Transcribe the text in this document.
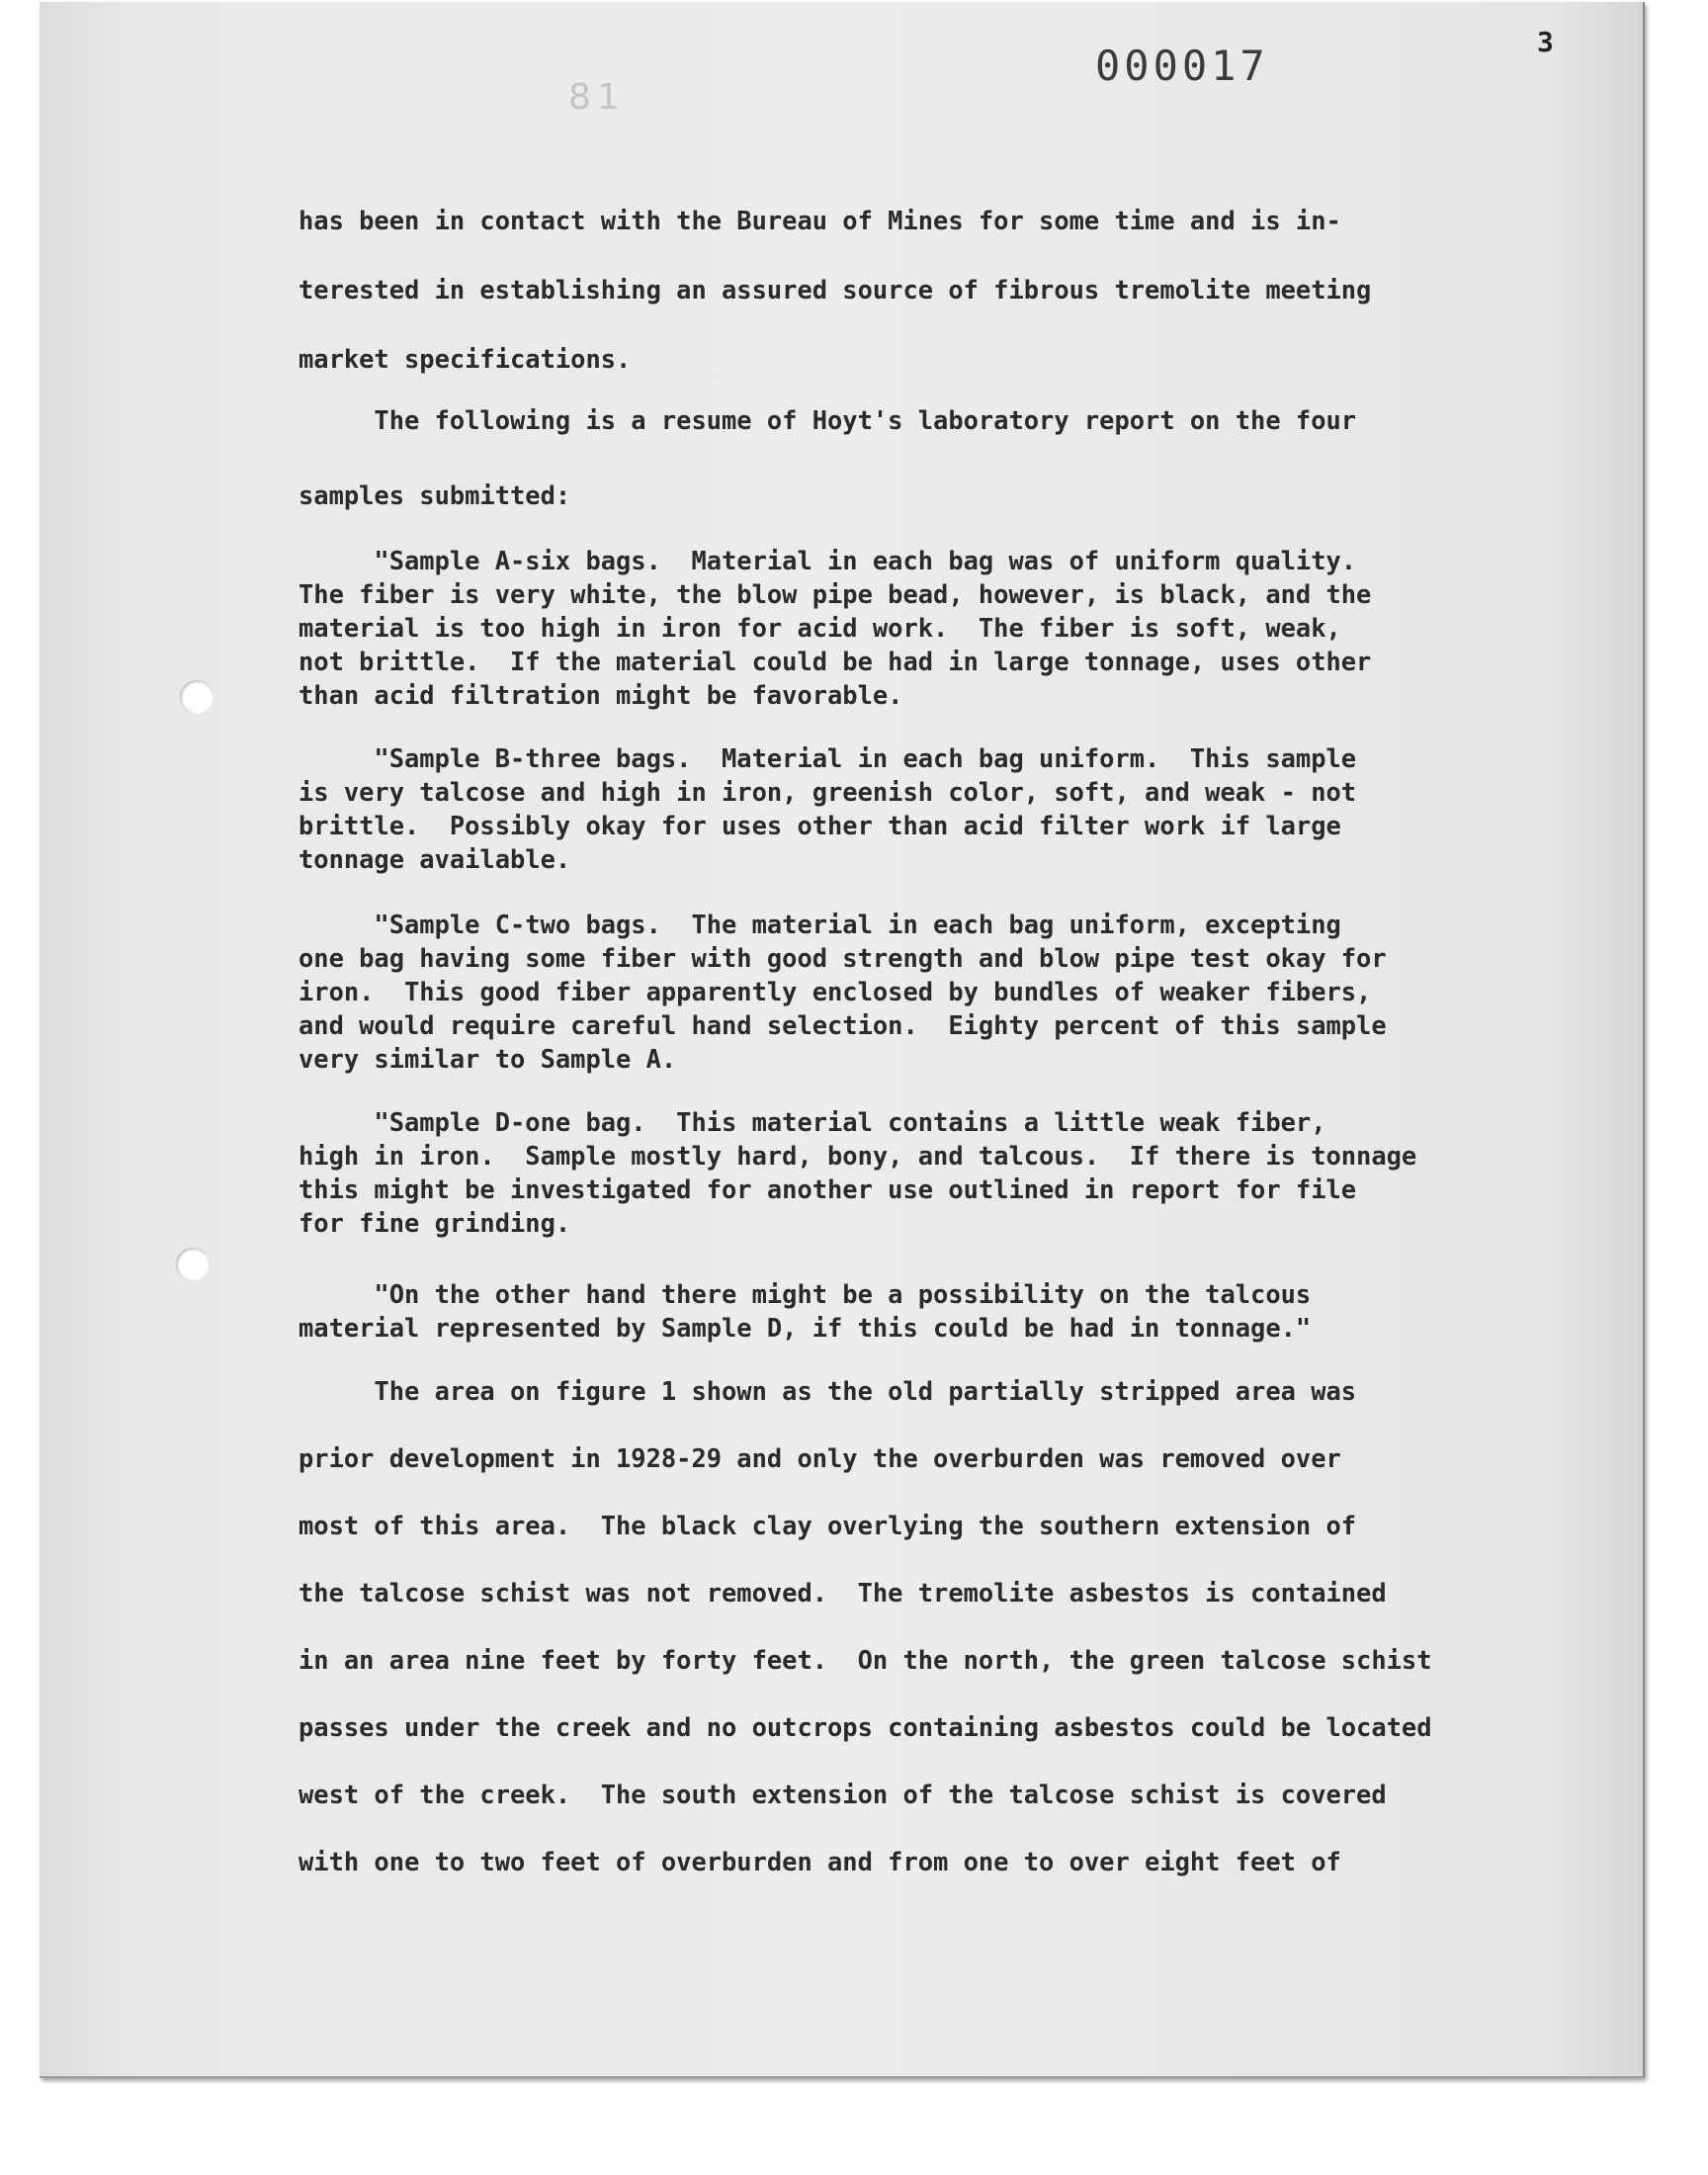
81
000017	3
has been in contact with the Bureau of Mines for some time and is in-
terested in establishing an assured source of fibrous tremolite meeting
market specifications.
The following is a resume of Hoyt's laboratory report on the four
samples submitted:
"Sample A-six bags.  Material in each bag was of uniform quality.
The fiber is very white, the blow pipe bead, however, is black, and the
material is too high in iron for acid work.  The fiber is soft, weak,
not brittle.  If the material could be had in large tonnage, uses other
than acid filtration might be favorable.
"Sample B-three bags.  Material in each bag uniform.  This sample
is very talcose and high in iron, greenish color, soft, and weak - not
brittle.  Possibly okay for uses other than acid filter work if large
tonnage available.
"Sample C-two bags.  The material in each bag uniform, excepting
one bag having some fiber with good strength and blow pipe test okay for
iron.  This good fiber apparently enclosed by bundles of weaker fibers,
and would require careful hand selection.  Eighty percent of this sample
very similar to Sample A.
"Sample D-one bag.  This material contains a little weak fiber,
high in iron.  Sample mostly hard, bony, and talcous.  If there is tonnage
this might be investigated for another use outlined in report for file
for fine grinding.
"On the other hand there might be a possibility on the talcous
material represented by Sample D, if this could be had in tonnage."
The area on figure 1 shown as the old partially stripped area was
prior development in 1928-29 and only the overburden was removed over
most of this area.  The black clay overlying the southern extension of
the talcose schist was not removed.  The tremolite asbestos is contained
in an area nine feet by forty feet.  On the north, the green talcose schist
passes under the creek and no outcrops containing asbestos could be located
west of the creek.  The south extension of the talcose schist is covered
with one to two feet of overburden and from one to over eight feet of
